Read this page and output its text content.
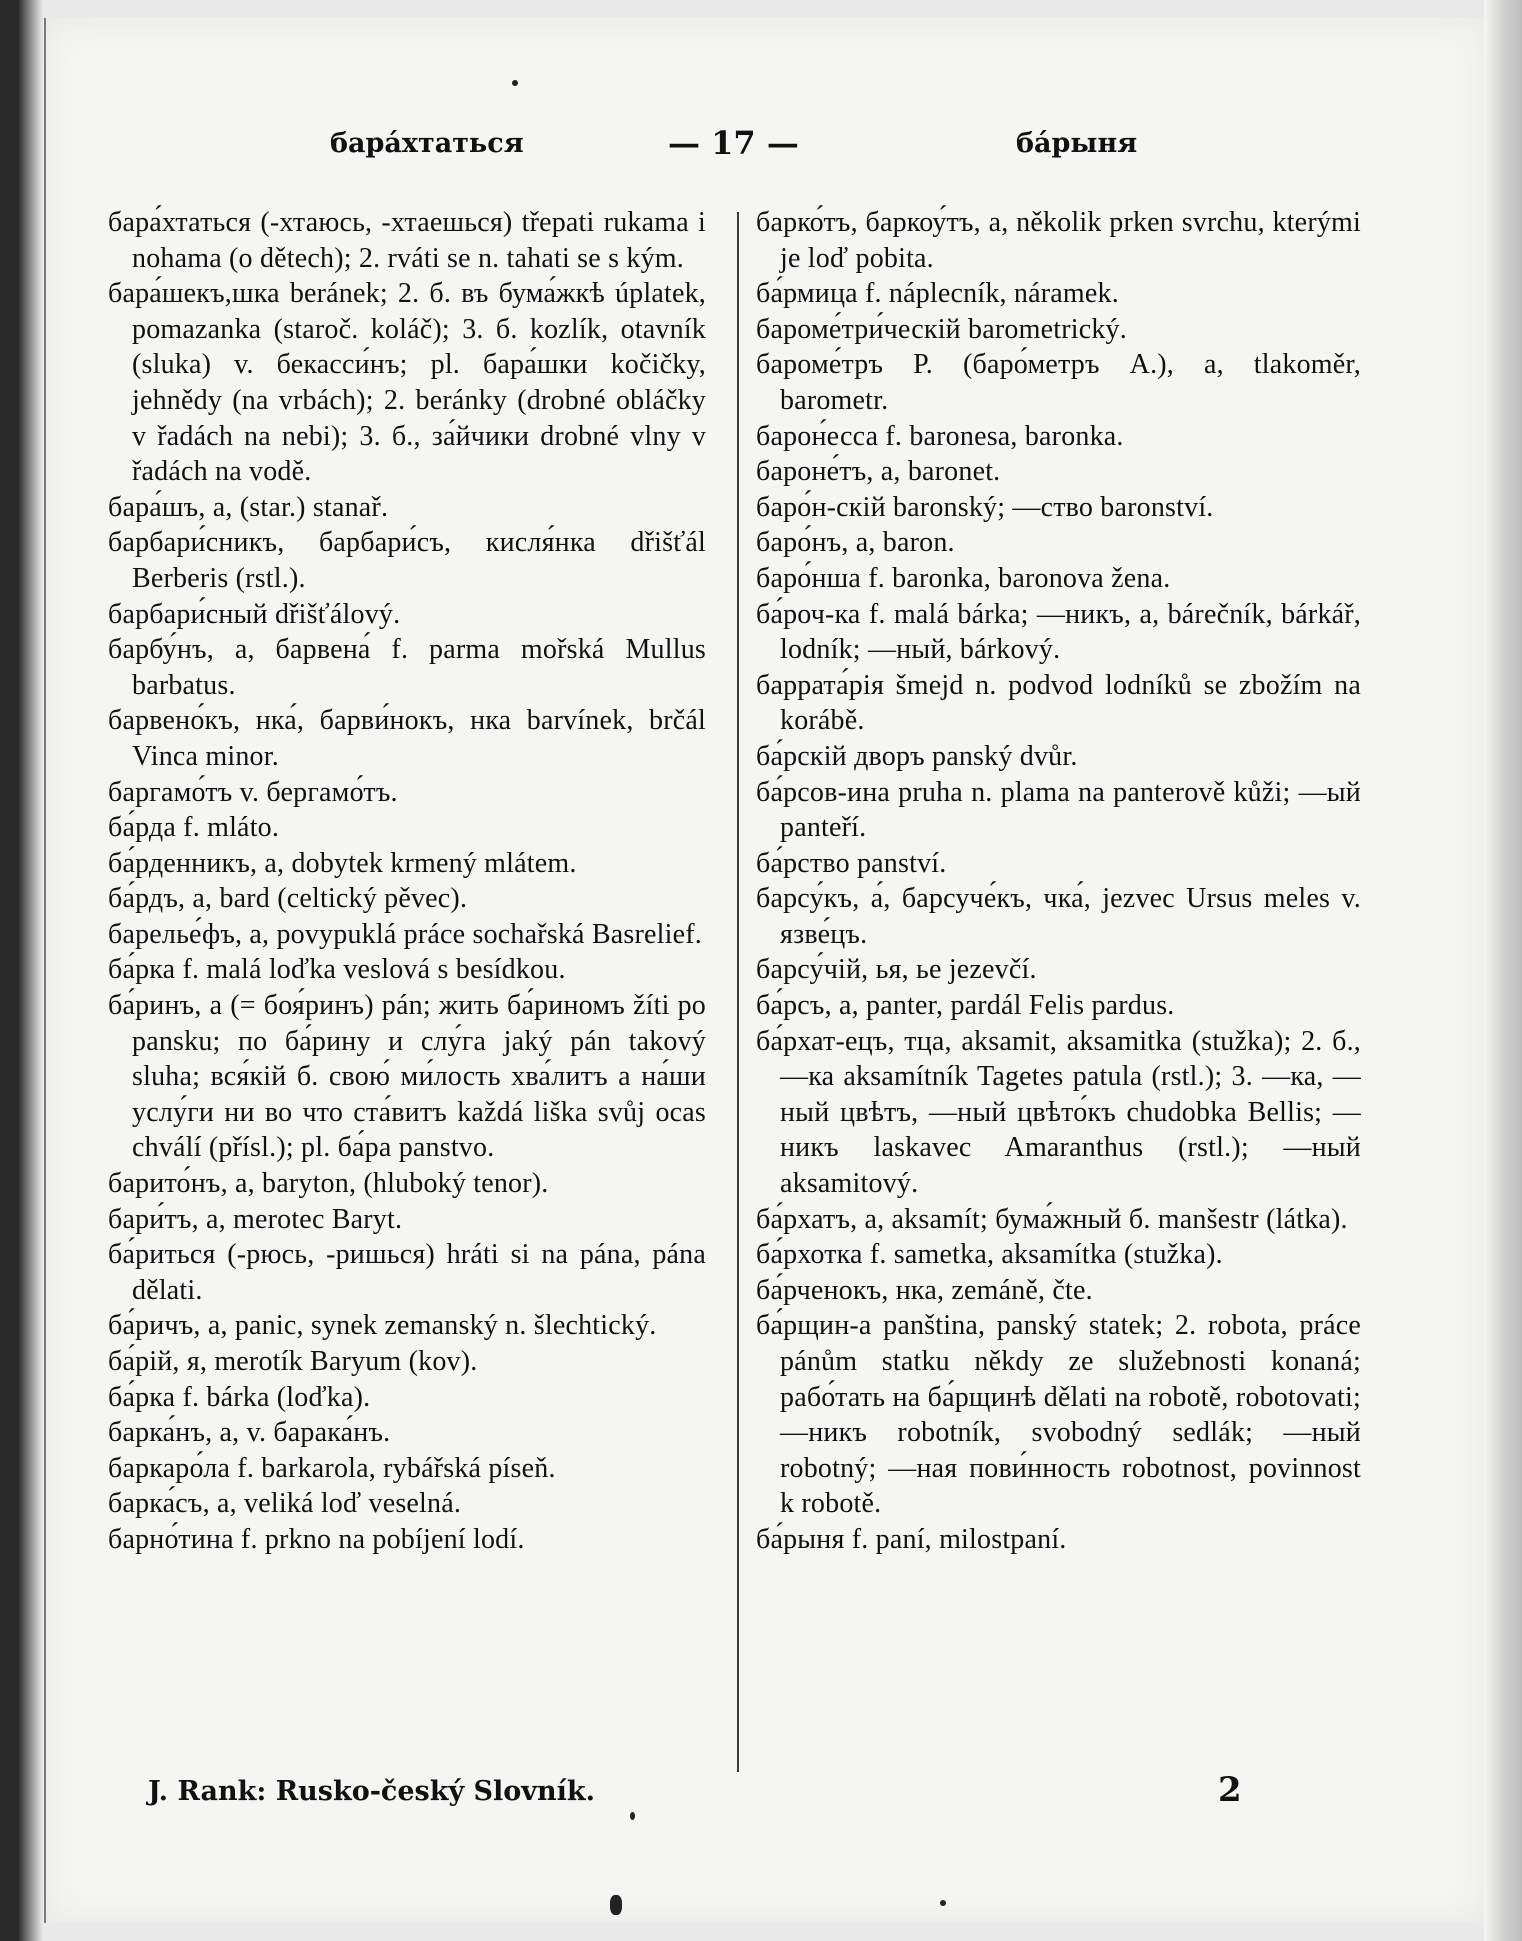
бара́хтаться	— 17 —	ба́рыня

бара́хтаться (-хтаюсь, -хтаешься) třepati rukama i nohama (o dětech); 2. rváti se n. tahati se s kým.

бара́шекъ,шка beránek; 2. б. въ бума́жкѣ úplatek, pomazanka (staroč. koláč); 3. б. kozlík, otavník (sluka) v. бекасси́нъ; pl. бара́шки kočičky, jehnědy (na vrbách); 2. beránky (drobné obláčky v řadách na nebi); 3. б., за́йчики drobné vlny v řadách na vodě.

бара́шъ, а, (star.) stanař.

барбари́сникъ, барбари́съ, кисля́нка dřišťál Berberis (rstl.).

барбари́сный dřišťálový.

барбу́нъ, а, барвена́ f. parma mořská Mullus barbatus.

барвено́къ, нка́, барви́нокъ, нка barvínek, brčál Vinca minor.

баргамо́тъ v. бергамо́тъ.

ба́рда f. mláto.

ба́рденникъ, а, dobytek krmený mlátem.

ба́рдъ, а, bard (celtický pěvec).

барелье́фъ, а, povypuklá práce sochařská Basrelief.

ба́рка f. malá loďka veslová s besídkou.

ба́ринъ, а (= боя́ринъ) pán; жить ба́риномъ žíti po pansku; по ба́рину и слу́га jaký pán takový sluha; вся́кій б. свою́ ми́лость хва́литъ а на́ши услу́ги ни во что ста́витъ každá liška svůj ocas chválí (přísl.); pl. ба́ра panstvo.

барито́нъ, а, baryton, (hluboký tenor).

бари́тъ, а, merotec Baryt.

ба́риться (-рюсь, -ришься) hráti si na pána, pána dělati.

ба́ричъ, а, panic, synek zemanský n. šlechtický.

ба́рій, я, merotík Baryum (kov).

ба́рка f. bárka (loďka).

барка́нъ, а, v. барака́нъ.

баркаро́ла f. barkarola, rybářská píseň.

барка́съ, а, veliká loď veselná.

барно́тина f. prkno na pobíjení lodí.

барко́тъ, баркоу́тъ, а, několik prken svrchu, kterými je loď pobita.

ба́рмица f. náplecník, náramek.

бароме́три́ческій barometrický.

бароме́тръ P. (баро́метръ A.), а, tlakoměr, barometr.

барон́есса f. baronesa, baronka.

бароне́тъ, а, baronet.

баро́н-скій baronský; —ство baronství.

баро́нъ, а, baron.

баро́нша f. baronka, baronova žena.

ба́роч-ка f. malá bárka; —никъ, а, bárečník, bárkář, lodník; —ный, bárkový.

баррата́рія šmejd n. podvod lodníků se zbožím na korábě.

ба́рскій дворъ panský dvůr.

ба́рсов-ина pruha n. plama na panterově kůži; —ый panteří.

ба́рство panství.

барсу́къ, а́, барсуче́къ, чка́, jezvec Ursus meles v. язве́цъ.

барсу́чій, ья, ье jezevčí.

ба́рсъ, а, panter, pardál Felis pardus.

ба́рхат-ецъ, тца, aksamit, aksamitka (stužka); 2. б., —ка aksamítník Tagetes patula (rstl.); 3. —ка, —ный цвѣтъ, —ный цвѣто́къ chudobka Bellis; —никъ laskavec Amaranthus (rstl.); —ный aksamitový.

ба́рхатъ, а, aksamít; бума́жный б. manšestr (látka).

ба́рхотка f. sametka, aksamítka (stužka).

ба́рченокъ, нка, zemáně, čte.

ба́рщин-а panština, panský statek; 2. robota, práce pánům statku někdy ze služebnosti konaná; рабо́тать на ба́рщинѣ dělati na robotě, robotovati; —никъ robotník, svobodný sedlák; —ный robotný; —ная пови́нность robotnost, povinnost k robotě.

ба́рыня f. paní, milostpaní.

J. Rank: Rusko-český Slovník.	2
